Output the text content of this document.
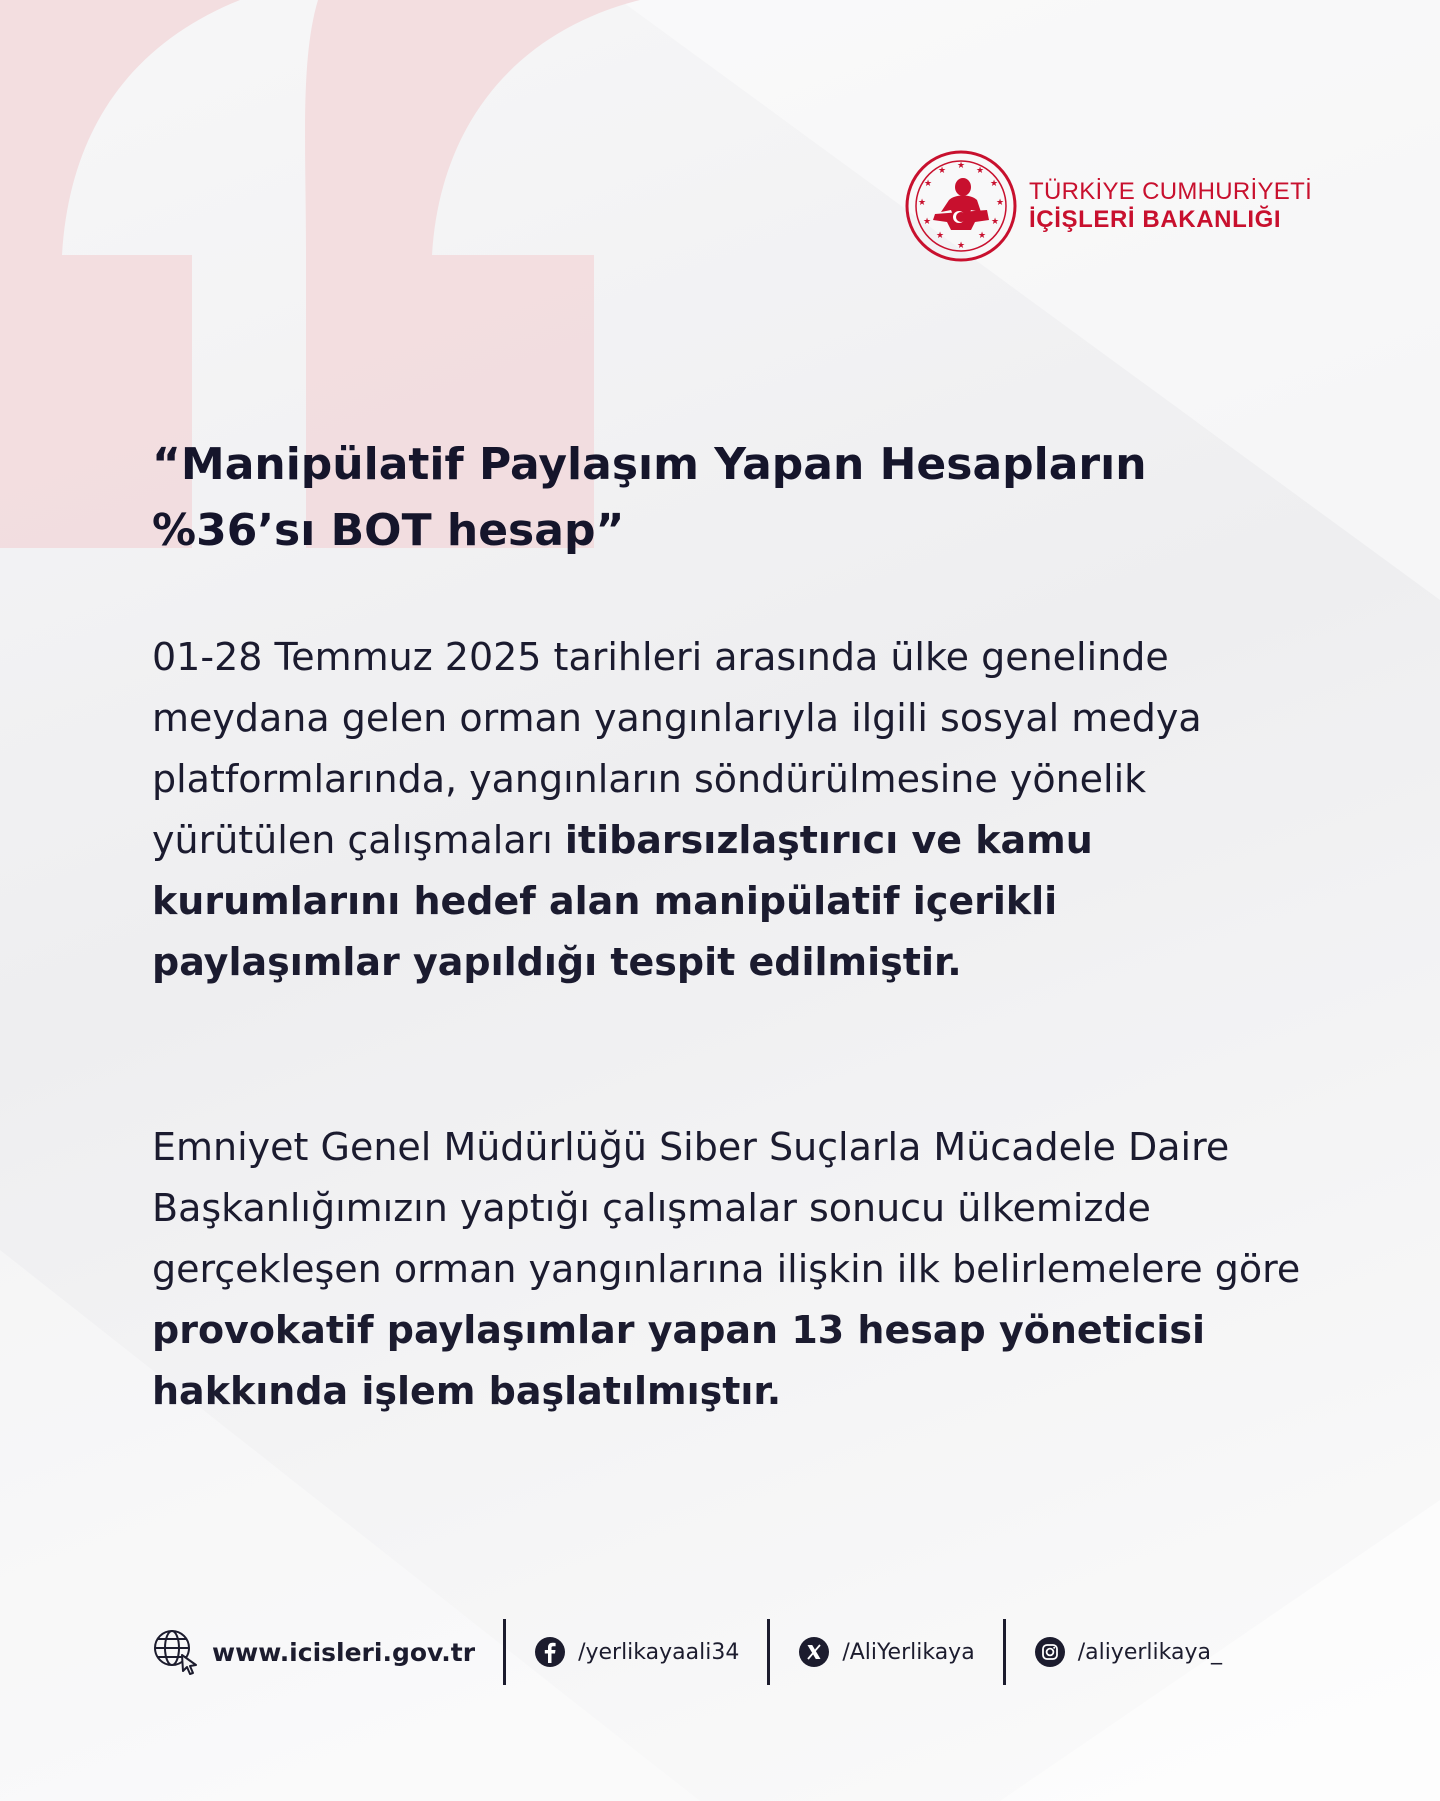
★ ★
★
★
★
★
★
★
★
★
★
★
TÜRKİYE CUMHURİYETİ
İÇİŞLERİ BAKANLIĞI
“Manipülatif Paylaşım Yapan Hesapların
%36’sı BOT hesap”

01-28 Temmuz 2025 tarihleri arasında ülke genelinde meydana gelen orman yangınlarıyla ilgili sosyal medya platformlarında, yangınların söndürülmesine yönelik yürütülen çalışmaları itibarsızlaştırıcı ve kamu kurumlarını hedef alan manipülatif içerikli paylaşımlar yapıldığı tespit edilmiştir.

Emniyet Genel Müdürlüğü Siber Suçlarla Mücadele Daire Başkanlığımızın yaptığı çalışmalar sonucu ülkemizde gerçekleşen orman yangınlarına ilişkin ilk belirlemelere göre provokatif paylaşımlar yapan 13 hesap yöneticisi hakkında işlem başlatılmıştır.

www.icisleri.gov.tr	/yerlikayaali34	/AliYerlikaya	/aliyerlikaya_
